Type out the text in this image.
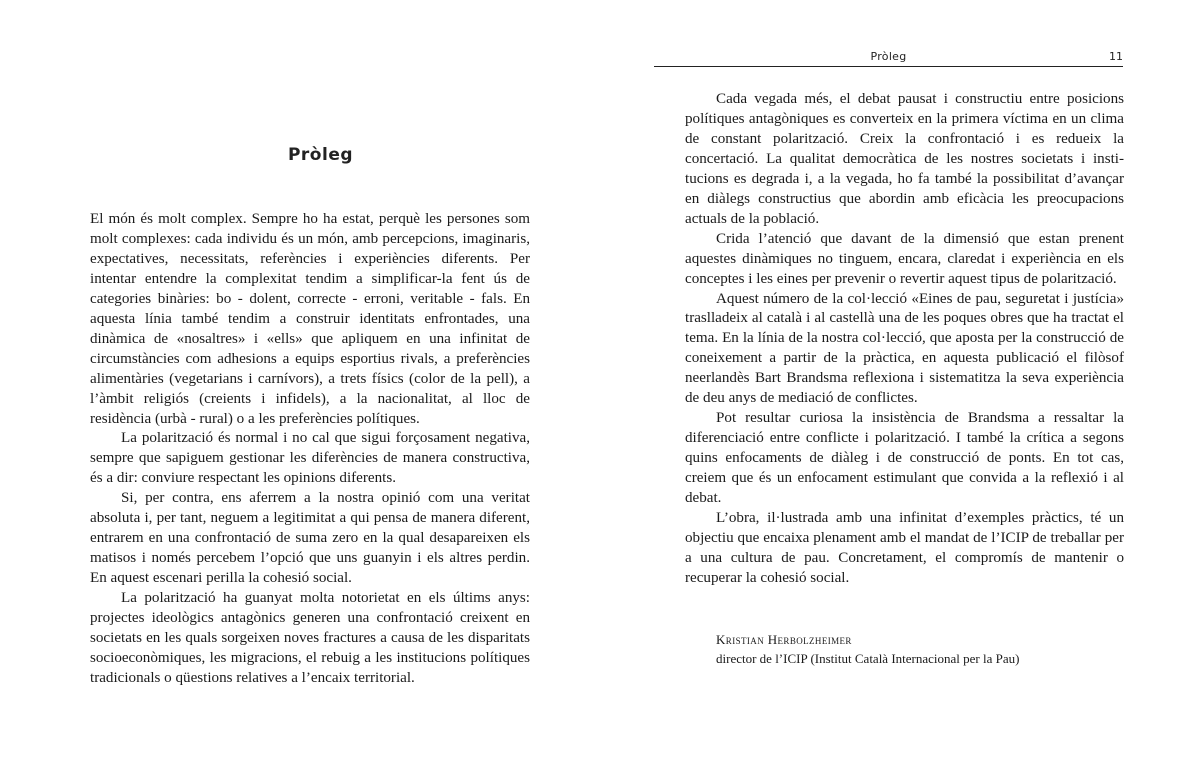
Pròleg

El món és molt complex. Sempre ho ha estat, perquè les persones som molt complexes: cada individu és un món, amb percepcions, imaginaris, expectatives, necessitats, referències i experiències diferents. Per intentar entendre la complexitat tendim a simplificar-la fent ús de categories binàries: bo - dolent, correcte - erroni, veritable - fals. En aquesta línia també tendim a construir identitats enfrontades, una dinàmica de «nosaltres» i «ells» que apliquem en una infinitat de circumstàncies com adhesions a equips esportius rivals, a preferències alimentàries (vegetarians i carnívors), a trets físics (color de la pell), a l’àmbit religiós (creients i infidels), a la nacionalitat, al lloc de residència (urbà - rural) o a les preferències polítiques.

La polarització és normal i no cal que sigui forçosament negativa, sempre que sapiguem gestionar les diferències de manera constructiva, és a dir: conviure respectant les opinions diferents.

Si, per contra, ens aferrem a la nostra opinió com una veritat absoluta i, per tant, neguem a legitimitat a qui pensa de manera diferent, entrarem en una confrontació de suma zero en la qual desapareixen els matisos i només percebem l’opció que uns guanyin i els altres perdin. En aquest escenari perilla la cohesió social.

La polarització ha guanyat molta notorietat en els últims anys: projectes ideològics antagònics generen una confrontació creixent en societats en les quals sorgeixen noves fractures a causa de les disparitats socioeconòmiques, les migracions, el rebuig a les institucions polítiques tradicionals o qüestions relatives a l’encaix territorial.

Pròleg	11

Cada vegada més, el debat pausat i constructiu entre posicions polítiques antagòniques es converteix en la primera víctima en un clima de constant polarització. Creix la confrontació i es redueix la concertació. La qualitat democràtica de les nostres societats i institucions es degrada i, a la vegada, ho fa també la possibilitat d’avançar en diàlegs constructius que abordin amb eficàcia les preocupacions actuals de la població.

Crida l’atenció que davant de la dimensió que estan prenent aquestes dinàmiques no tinguem, encara, claredat i experiència en els conceptes i les eines per prevenir o revertir aquest tipus de polarització.

Aquest número de la col·lecció «Eines de pau, seguretat i justícia» traslladeix al català i al castellà una de les poques obres que ha tractat el tema. En la línia de la nostra col·lecció, que aposta per la construcció de coneixement a partir de la pràctica, en aquesta publicació el filòsof neerlandès Bart Brandsma reflexiona i sistematitza la seva experiència de deu anys de mediació de conflictes.

Pot resultar curiosa la insistència de Brandsma a ressaltar la diferenciació entre conflicte i polarització. I també la crítica a segons quins enfocaments de diàleg i de construcció de ponts. En tot cas, creiem que és un enfocament estimulant que convida a la reflexió i al debat.

L’obra, il·lustrada amb una infinitat d’exemples pràctics, té un objectiu que encaixa plenament amb el mandat de l’ICIP de treballar per a una cultura de pau. Concretament, el compromís de mantenir o recuperar la cohesió social.

Kristian Herbolzheimer
director de l’ICIP (Institut Català Internacional per la Pau)
